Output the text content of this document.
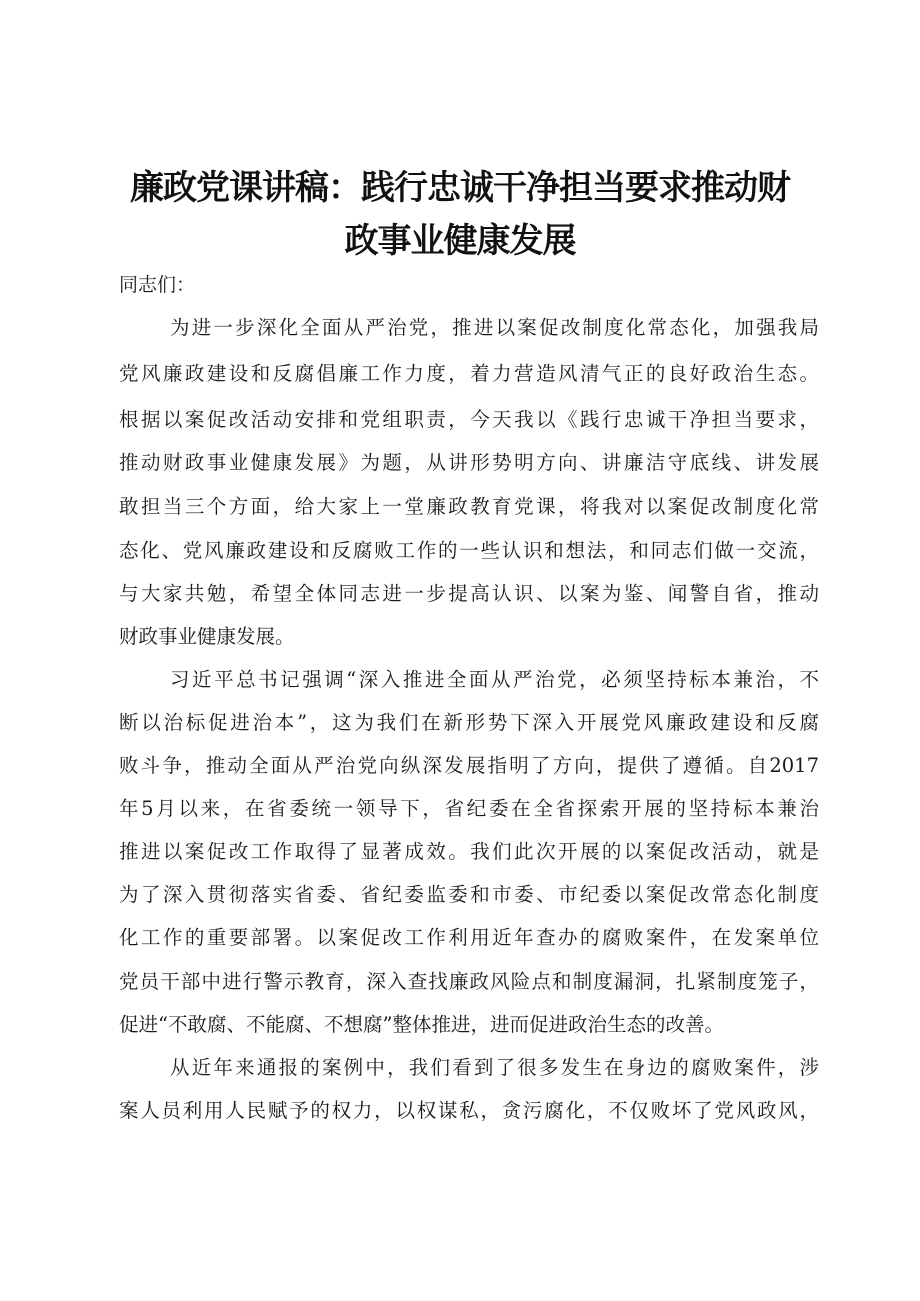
廉政党课讲稿：践行忠诚干净担当要求推动财
政事业健康发展

同志们：

为进一步深化全面从严治党，推进以案促改制度化常态化，加强我局
党风廉政建设和反腐倡廉工作力度，着力营造风清气正的良好政治生态。
根据以案促改活动安排和党组职责，今天我以《践行忠诚干净担当要求，
推动财政事业健康发展》为题，从讲形势明方向、讲廉洁守底线、讲发展
敢担当三个方面，给大家上一堂廉政教育党课，将我对以案促改制度化常
态化、党风廉政建设和反腐败工作的一些认识和想法，和同志们做一交流，
与大家共勉，希望全体同志进一步提高认识、以案为鉴、闻警自省，推动
财政事业健康发展。
习近平总书记强调“深入推进全面从严治党，必须坚持标本兼治，不
断以治标促进治本”，这为我们在新形势下深入开展党风廉政建设和反腐
败斗争，推动全面从严治党向纵深发展指明了方向，提供了遵循。自2017
年5月以来，在省委统一领导下，省纪委在全省探索开展的坚持标本兼治
推进以案促改工作取得了显著成效。我们此次开展的以案促改活动，就是
为了深入贯彻落实省委、省纪委监委和市委、市纪委以案促改常态化制度
化工作的重要部署。以案促改工作利用近年查办的腐败案件，在发案单位
党员干部中进行警示教育，深入查找廉政风险点和制度漏洞，扎紧制度笼子，
促进“不敢腐、不能腐、不想腐”整体推进，进而促进政治生态的改善。
从近年来通报的案例中，我们看到了很多发生在身边的腐败案件，涉
案人员利用人民赋予的权力，以权谋私，贪污腐化，不仅败坏了党风政风，
